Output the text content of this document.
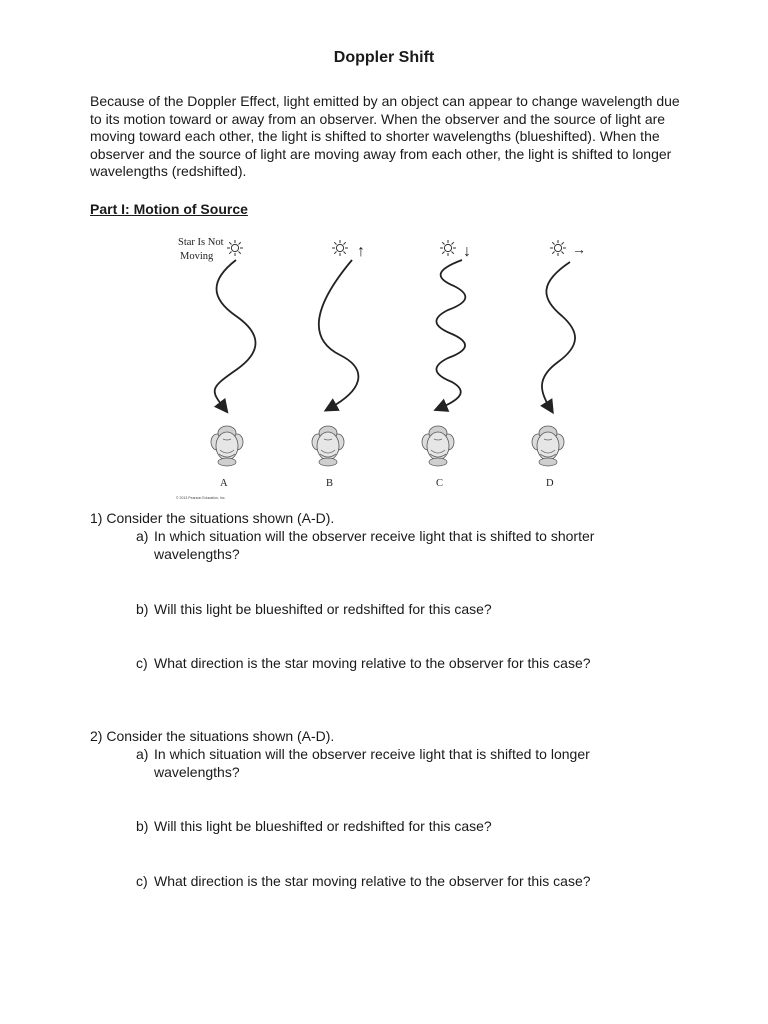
Doppler Shift
Because of the Doppler Effect, light emitted by an object can appear to change wavelength due to its motion toward or away from an observer. When the observer and the source of light are moving toward each other, the light is shifted to shorter wavelengths (blueshifted). When the observer and the source of light are moving away from each other, the light is shifted to longer wavelengths (redshifted).
Part I: Motion of Source
Star Is Not
Moving
A
© 2013 Pearson Education, Inc.
↑
B
↓
C
→
D
1) Consider the situations shown (A-D).
a) In which situation will the observer receive light that is shifted to shorter wavelengths?
b) Will this light be blueshifted or redshifted for this case?
c) What direction is the star moving relative to the observer for this case?
2) Consider the situations shown (A-D).
a) In which situation will the observer receive light that is shifted to longer wavelengths?
b) Will this light be blueshifted or redshifted for this case?
c) What direction is the star moving relative to the observer for this case?
